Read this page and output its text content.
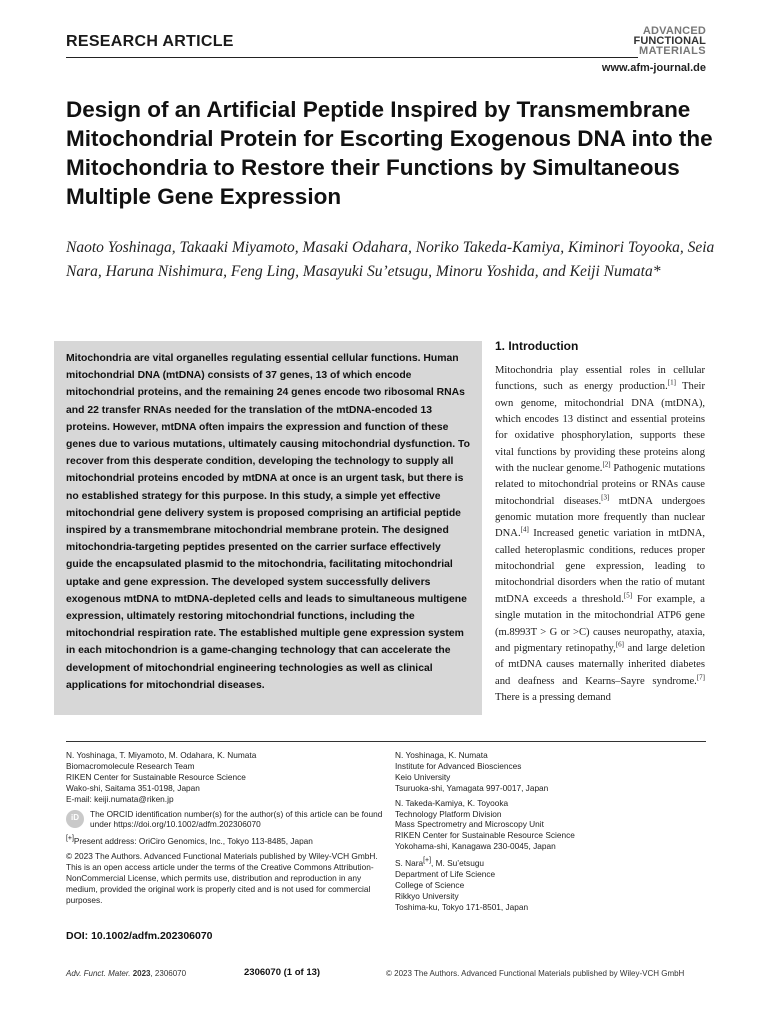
RESEARCH ARTICLE
ADVANCED
FUNCTIONAL
MATERIALS
www.afm-journal.de
Design of an Artificial Peptide Inspired by Transmembrane Mitochondrial Protein for Escorting Exogenous DNA into the Mitochondria to Restore their Functions by Simultaneous Multiple Gene Expression
Naoto Yoshinaga, Takaaki Miyamoto, Masaki Odahara, Noriko Takeda-Kamiya, Kiminori Toyooka, Seia Nara, Haruna Nishimura, Feng Ling, Masayuki Su’etsugu, Minoru Yoshida, and Keiji Numata*
Mitochondria are vital organelles regulating essential cellular functions. Human mitochondrial DNA (mtDNA) consists of 37 genes, 13 of which encode mitochondrial proteins, and the remaining 24 genes encode two ribosomal RNAs and 22 transfer RNAs needed for the translation of the mtDNA-encoded 13 proteins. However, mtDNA often impairs the expression and function of these genes due to various mutations, ultimately causing mitochondrial dysfunction. To recover from this desperate condition, developing the technology to supply all mitochondrial proteins encoded by mtDNA at once is an urgent task, but there is no established strategy for this purpose. In this study, a simple yet effective mitochondrial gene delivery system is proposed comprising an artificial peptide inspired by a transmembrane mitochondrial membrane protein. The designed mitochondria-targeting peptides presented on the carrier surface effectively guide the encapsulated plasmid to the mitochondria, facilitating mitochondrial uptake and gene expression. The developed system successfully delivers exogenous mtDNA to mtDNA-depleted cells and leads to simultaneous multigene expression, ultimately restoring mitochondrial functions, including the mitochondrial respiration rate. The established multiple gene expression system in each mitochondrion is a game-changing technology that can accelerate the development of mitochondrial engineering technologies as well as clinical applications for mitochondrial diseases.
1. Introduction
Mitochondria play essential roles in cellular functions, such as energy production.[1] Their own genome, mitochondrial DNA (mtDNA), which encodes 13 distinct and essential proteins for oxidative phosphorylation, supports these vital functions by providing these proteins along with the nuclear genome.[2] Pathogenic mutations related to mitochondrial proteins or RNAs cause mitochondrial diseases.[3] mtDNA undergoes genomic mutation more frequently than nuclear DNA.[4] Increased genetic variation in mtDNA, called heteroplasmic conditions, reduces proper mitochondrial gene expression, leading to mitochondrial disorders when the ratio of mutant mtDNA exceeds a threshold.[5] For example, a single mutation in the mitochondrial ATP6 gene (m.8993T > G or >C) causes neuropathy, ataxia, and pigmentary retinopathy,[6] and large deletion of mtDNA causes maternally inherited diabetes and deafness and Kearns–Sayre syndrome.[7] There is a pressing demand
N. Yoshinaga, T. Miyamoto, M. Odahara, K. Numata
Biomacromolecule Research Team
RIKEN Center for Sustainable Resource Science
Wako-shi, Saitama 351-0198, Japan
E-mail: keiji.numata@riken.jp
iD	The ORCID identification number(s) for the author(s) of this article can be found under https://doi.org/10.1002/adfm.202306070
[+]Present address: OriCiro Genomics, Inc., Tokyo 113-8485, Japan
© 2023 The Authors. Advanced Functional Materials published by Wiley-VCH GmbH. This is an open access article under the terms of the Creative Commons Attribution-NonCommercial License, which permits use, distribution and reproduction in any medium, provided the original work is properly cited and is not used for commercial purposes.
DOI: 10.1002/adfm.202306070
N. Yoshinaga, K. Numata
Institute for Advanced Biosciences
Keio University
Tsuruoka-shi, Yamagata 997-0017, Japan
N. Takeda-Kamiya, K. Toyooka
Technology Platform Division
Mass Spectrometry and Microscopy Unit
RIKEN Center for Sustainable Resource Science
Yokohama-shi, Kanagawa 230-0045, Japan
S. Nara[+], M. Su’etsugu
Department of Life Science
College of Science
Rikkyo University
Toshima-ku, Tokyo 171-8501, Japan
Adv. Funct. Mater. 2023, 2306070	2306070 (1 of 13)	© 2023 The Authors. Advanced Functional Materials published by Wiley-VCH GmbH
